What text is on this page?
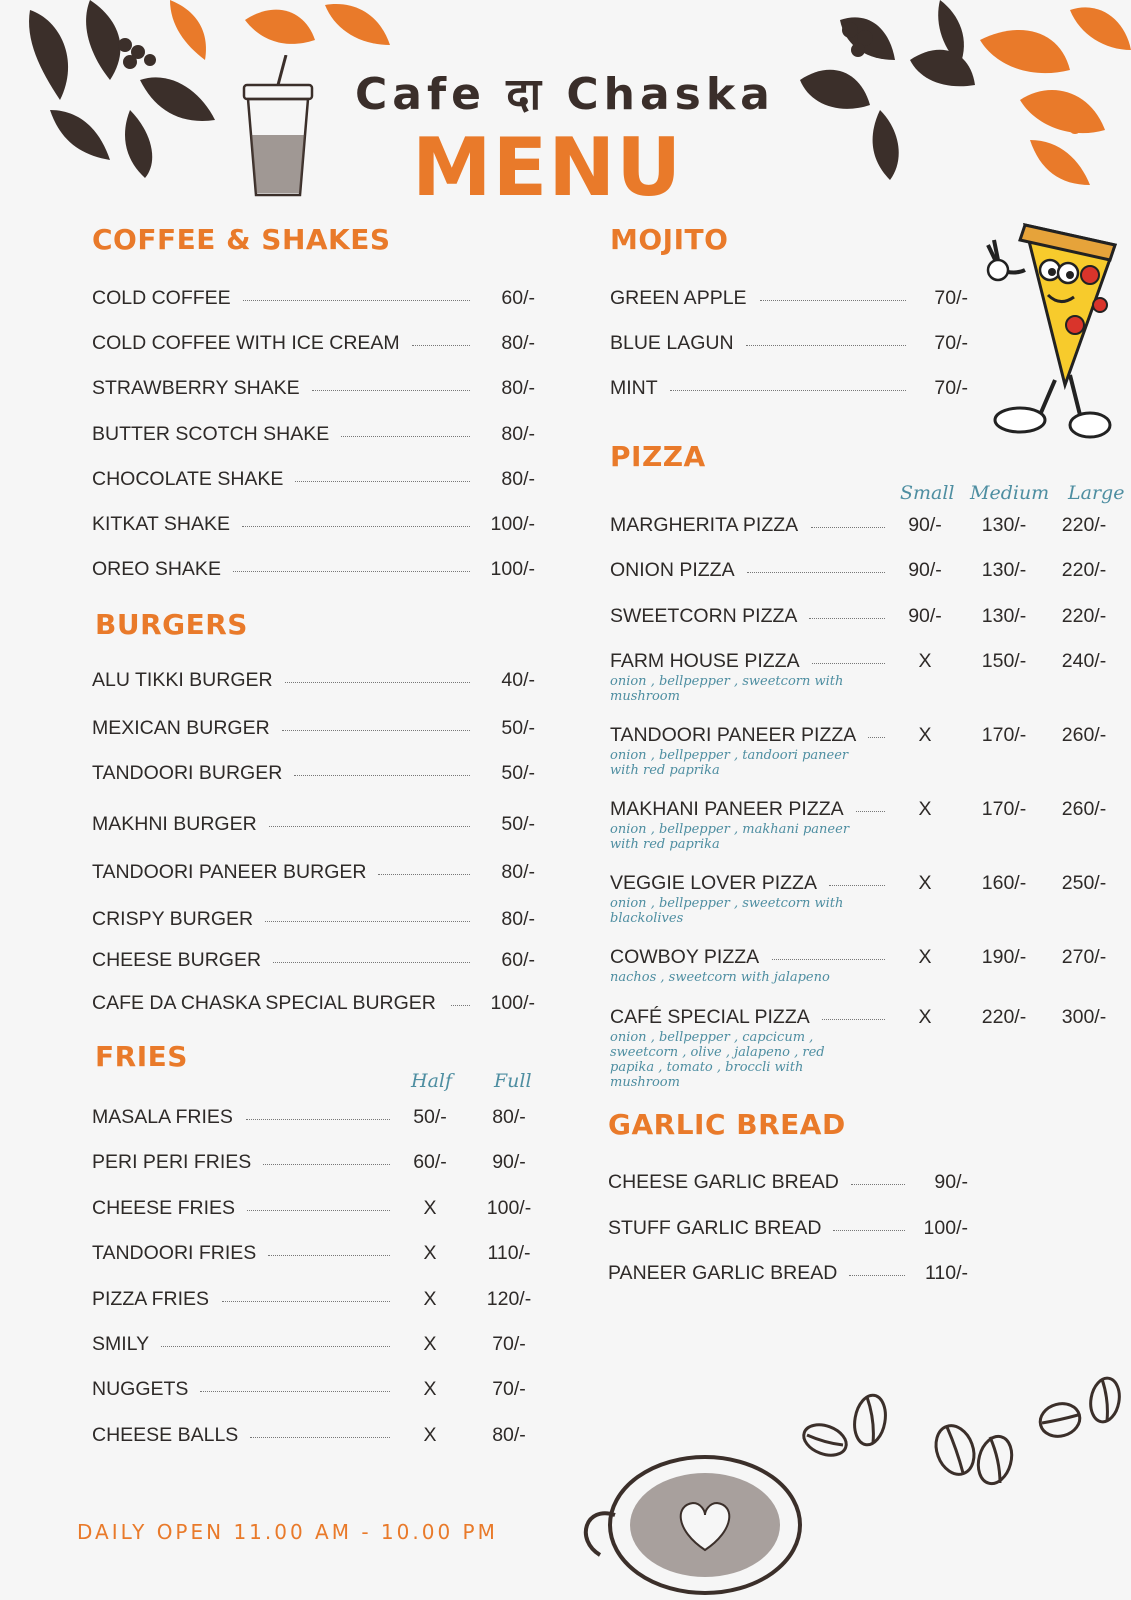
Cafe दा Chaska
MENU
COFFEE & SHAKES
BURGERS
FRIES
MOJITO
PIZZA
GARLIC BREAD
COLD COFFEE	60/-
COLD COFFEE WITH ICE CREAM	80/-
STRAWBERRY SHAKE	80/-
BUTTER SCOTCH SHAKE	80/-
CHOCOLATE SHAKE	80/-
KITKAT SHAKE	100/-
OREO SHAKE	100/-
ALU TIKKI BURGER	40/-
MEXICAN BURGER	50/-
TANDOORI BURGER	50/-
MAKHNI BURGER	50/-
TANDOORI PANEER BURGER	80/-
CRISPY BURGER	80/-
CHEESE BURGER	60/-
CAFE DA CHASKA SPECIAL BURGER	100/-
GREEN APPLE	70/-
BLUE LAGUN	70/-
MINT	70/-
CHEESE GARLIC BREAD	90/-
STUFF GARLIC BREAD	100/-
PANEER GARLIC BREAD	110/-
Half Full
MASALA FRIES	50/-	80/-
PERI PERI FRIES	60/-	90/-
CHEESE FRIES	X	100/-
TANDOORI FRIES	X	110/-
PIZZA FRIES	X	120/-
SMILY	X	70/-
NUGGETS	X	70/-
CHEESE BALLS	X	80/-
Small Medium Large
MARGHERITA PIZZA	90/-	130/-	220/-
ONION PIZZA	90/-	130/-	220/-
SWEETCORN PIZZA	90/-	130/-	220/-
FARM HOUSE PIZZA	X	150/-	240/-
onion , bellpepper , sweetcorn with mushroom
TANDOORI PANEER PIZZA	X	170/-	260/-
onion , bellpepper , tandoori paneer with red paprika
MAKHANI PANEER PIZZA	X	170/-	260/-
onion , bellpepper , makhani paneer with red paprika
VEGGIE LOVER PIZZA	X	160/-	250/-
onion , bellpepper , sweetcorn with blackolives
COWBOY PIZZA	X	190/-	270/-
nachos , sweetcorn with jalapeno
CAFÉ SPECIAL PIZZA	X	220/-	300/-
onion , bellpepper , capcicum , sweetcorn , olive , jalapeno , red papika , tomato , broccli with mushroom
DAILY OPEN 11.00 AM - 10.00 PM
